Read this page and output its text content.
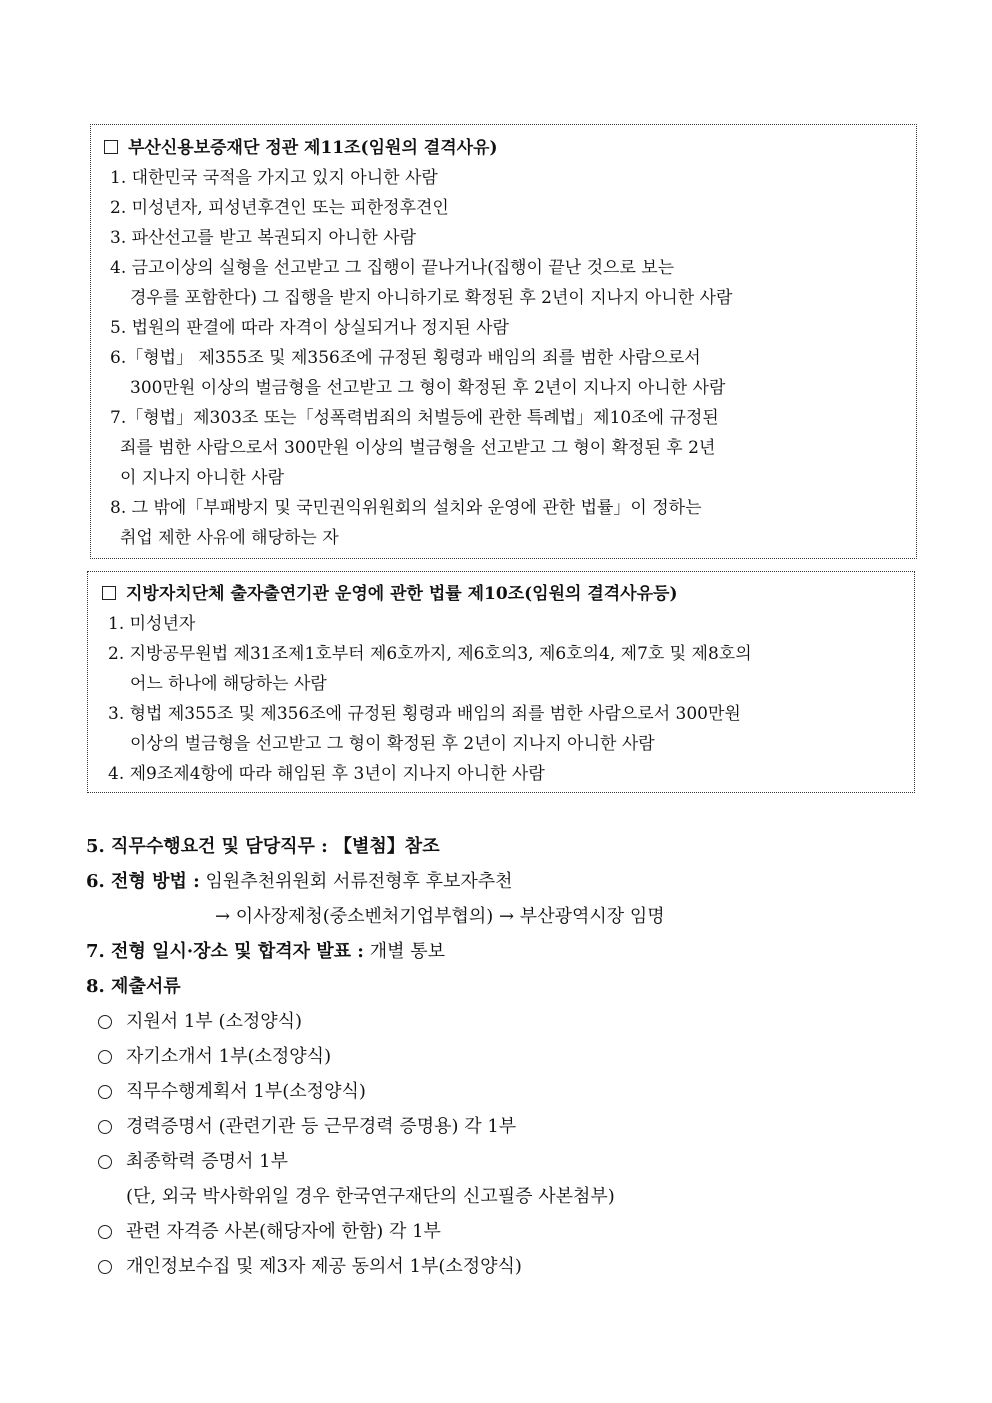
부산신용보증재단 정관 제11조(임원의 결격사유)
1. 대한민국 국적을 가지고 있지 아니한 사람
2. 미성년자, 피성년후견인 또는 피한정후견인
3. 파산선고를 받고 복권되지 아니한 사람
4. 금고이상의 실형을 선고받고 그 집행이 끝나거나(집행이 끝난 것으로 보는
경우를 포함한다) 그 집행을 받지 아니하기로 확정된 후 2년이 지나지 아니한 사람
5. 법원의 판결에 따라 자격이 상실되거나 정지된 사람
6.「형법」 제355조 및 제356조에 규정된 횡령과 배임의 죄를 범한 사람으로서
300만원 이상의 벌금형을 선고받고 그 형이 확정된 후 2년이 지나지 아니한 사람
7.「형법」제303조 또는「성폭력범죄의 처벌등에 관한 특례법」제10조에 규정된
죄를 범한 사람으로서 300만원 이상의 벌금형을 선고받고 그 형이 확정된 후 2년
이 지나지 아니한 사람
8. 그 밖에「부패방지 및 국민권익위원회의 설치와 운영에 관한 법률」이 정하는
취업 제한 사유에 해당하는 자
지방자치단체 출자출연기관 운영에 관한 법률 제10조(임원의 결격사유등)
1. 미성년자
2. 지방공무원법 제31조제1호부터 제6호까지, 제6호의3, 제6호의4, 제7호 및 제8호의
어느 하나에 해당하는 사람
3. 형법 제355조 및 제356조에 규정된 횡령과 배임의 죄를 범한 사람으로서 300만원
이상의 벌금형을 선고받고 그 형이 확정된 후 2년이 지나지 아니한 사람
4. 제9조제4항에 따라 해임된 후 3년이 지나지 아니한 사람
5. 직무수행요건 및 담당직무 : 【별첨】참조
6. 전형 방법 : 임원추천위원회 서류전형후 후보자추천
→ 이사장제청(중소벤처기업부협의) → 부산광역시장 임명
7. 전형 일시·장소 및 합격자 발표 : 개별 통보
8. 제출서류
지원서 1부 (소정양식)
자기소개서 1부(소정양식)
직무수행계획서 1부(소정양식)
경력증명서 (관련기관 등 근무경력 증명용) 각 1부
최종학력 증명서 1부
(단, 외국 박사학위일 경우 한국연구재단의 신고필증 사본첨부)
관련 자격증 사본(해당자에 한함) 각 1부
개인정보수집 및 제3자 제공 동의서 1부(소정양식)
